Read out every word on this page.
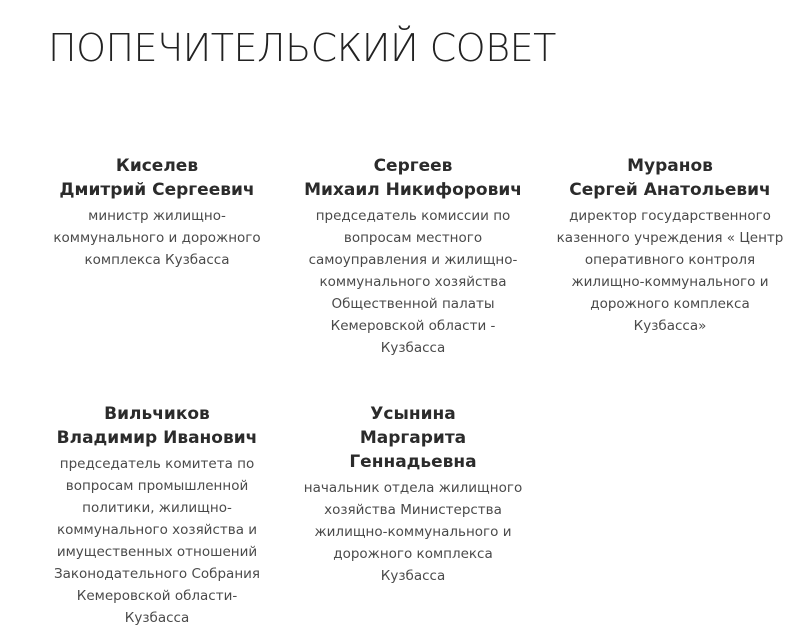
ПОПЕЧИТЕЛЬСКИЙ СОВЕТ
Киселев
Дмитрий Сергеевич
министр жилищно-коммунального и дорожного комплекса Кузбасса
Сергеев
Михаил Никифорович
председатель комиссии по вопросам местного самоуправления и жилищно-коммунального хозяйства Общественной палаты Кемеровской области - Кузбасса
Муранов
Сергей Анатольевич
директор государственного казенного учреждения « Центр оперативного контроля жилищно-коммунального и дорожного комплекса Кузбасса»
Вильчиков
Владимир Иванович
председатель комитета по вопросам промышленной политики, жилищно-коммунального хозяйства и имущественных отношений Законодательного Собрания Кемеровской области-Кузбасса
Усынина
Маргарита Геннадьевна
начальник отдела жилищного хозяйства Министерства жилищно-коммунального и дорожного комплекса Кузбасса
